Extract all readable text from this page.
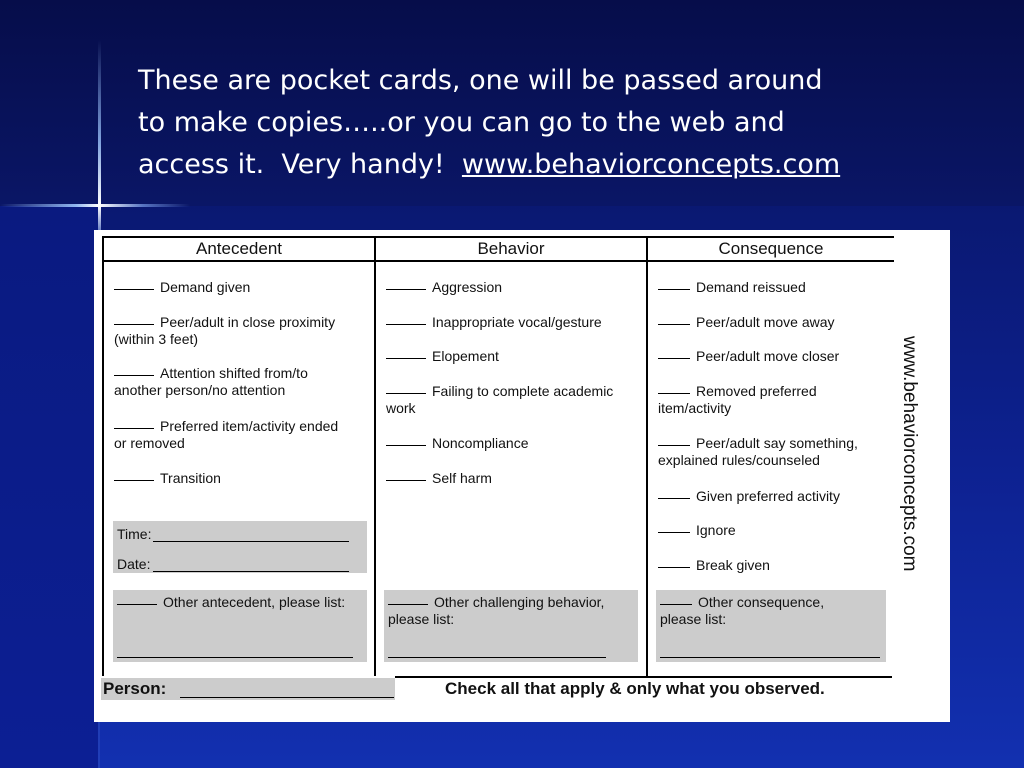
These are pocket cards, one will be passed around
to make copies…..or you can go to the web and
access it.  Very handy!  www.behaviorconcepts.com
Antecedent	Behavior	Consequence
Demand given
Peer/adult in close proximity
(within 3 feet)
Attention shifted from/to
another person/no attention
Preferred item/activity ended
or removed
Transition
Time:
Date:
Other antecedent, please list:
Aggression
Inappropriate vocal/gesture
Elopement
Failing to complete academic
work
Noncompliance
Self harm
Other challenging behavior,
please list:
Demand reissued
Peer/adult move away
Peer/adult move closer
Removed preferred
item/activity
Peer/adult say something,
explained rules/counseled
Given preferred activity
Ignore
Break given
Other consequence,
please list:
www.behaviorconcepts.com
Person:	Check all that apply & only what you observed.
